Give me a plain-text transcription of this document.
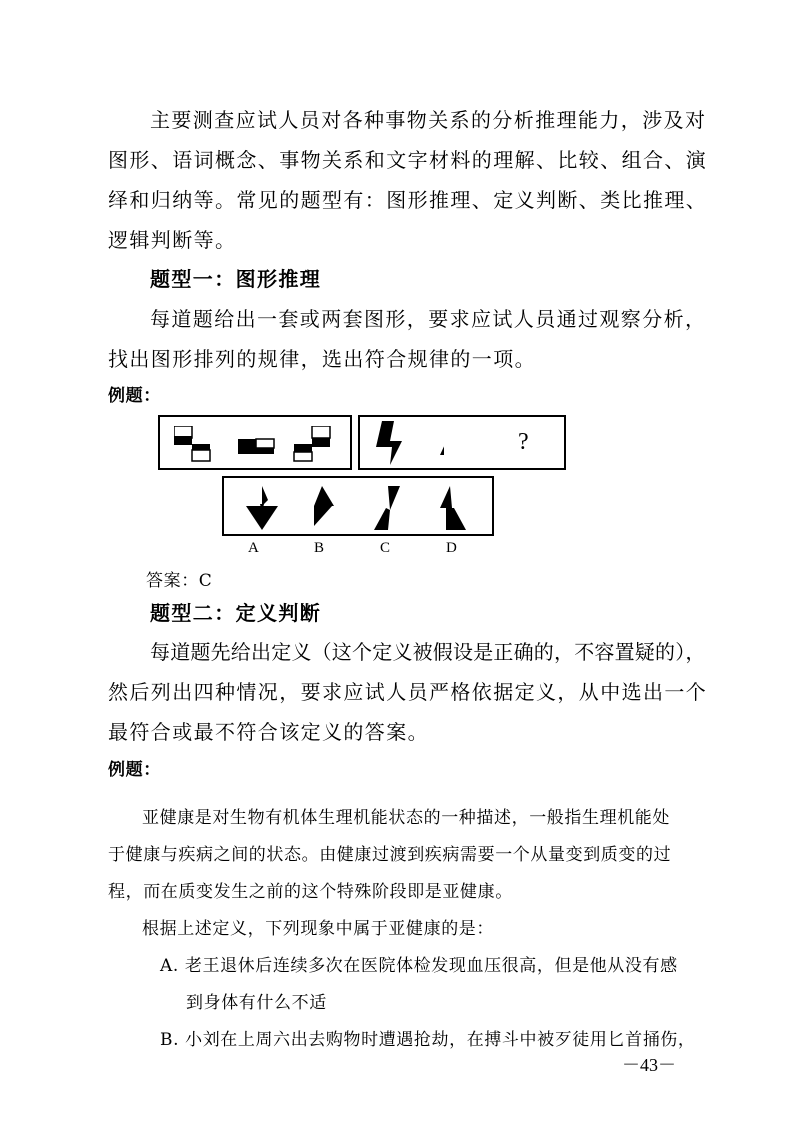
主要测查应试人员对各种事物关系的分析推理能力，涉及对
图形、语词概念、事物关系和文字材料的理解、比较、组合、演
绎和归纳等。常见的题型有：图形推理、定义判断、类比推理、
逻辑判断等。
题型一：图形推理
每道题给出一套或两套图形，要求应试人员通过观察分析，
找出图形排列的规律，选出符合规律的一项。
例题：
?
A	B	C	D
答案：C
题型二：定义判断
每道题先给出定义（这个定义被假设是正确的，不容置疑的），
然后列出四种情况，要求应试人员严格依据定义，从中选出一个
最符合或最不符合该定义的答案。
例题：
亚健康是对生物有机体生理机能状态的一种描述，一般指生理机能处
于健康与疾病之间的状态。由健康过渡到疾病需要一个从量变到质变的过
程，而在质变发生之前的这个特殊阶段即是亚健康。
根据上述定义，下列现象中属于亚健康的是：
A. 老王退休后连续多次在医院体检发现血压很高，但是他从没有感
到身体有什么不适
B. 小刘在上周六出去购物时遭遇抢劫，在搏斗中被歹徒用匕首捅伤，
－43－
